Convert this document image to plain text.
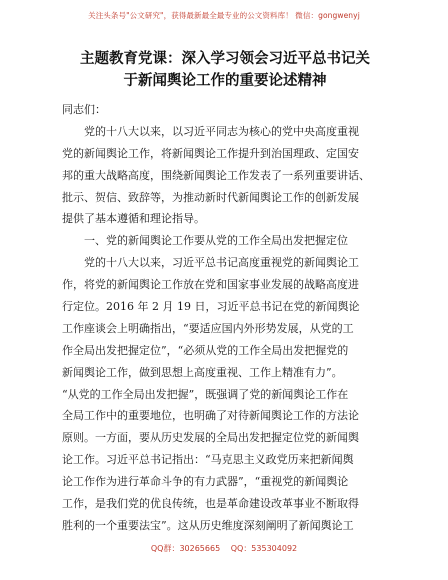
关注头条号"公文研究"，获得最新最全最专业的公文资料库！ 微信：gongwenyj
主题教育党课：深入学习领会习近平总书记关
于新闻舆论工作的重要论述精神
同志们：
党的十八大以来，以习近平同志为核心的党中央高度重视
党的新闻舆论工作，将新闻舆论工作提升到治国理政、定国安
邦的重大战略高度，围绕新闻舆论工作发表了一系列重要讲话、
批示、贺信、致辞等，为推动新时代新闻舆论工作的创新发展
提供了基本遵循和理论指导。
一、党的新闻舆论工作要从党的工作全局出发把握定位
党的十八大以来，习近平总书记高度重视党的新闻舆论工
作，将党的新闻舆论工作放在党和国家事业发展的战略高度进
行定位。2016 年 2 月 19 日，习近平总书记在党的新闻舆论
工作座谈会上明确指出，“要适应国内外形势发展，从党的工
作全局出发把握定位”，“必须从党的工作全局出发把握党的
新闻舆论工作，做到思想上高度重视、工作上精准有力”。
“从党的工作全局出发把握”，既强调了党的新闻舆论工作在
全局工作中的重要地位，也明确了对待新闻舆论工作的方法论
原则。一方面，要从历史发展的全局出发把握定位党的新闻舆
论工作。习近平总书记指出：“马克思主义政党历来把新闻舆
论工作作为进行革命斗争的有力武器”，“重视党的新闻舆论
工作，是我们党的优良传统，也是革命建设改革事业不断取得
胜利的一个重要法宝”。这从历史维度深刻阐明了新闻舆论工
QQ群：30265665 QQ：535304092
